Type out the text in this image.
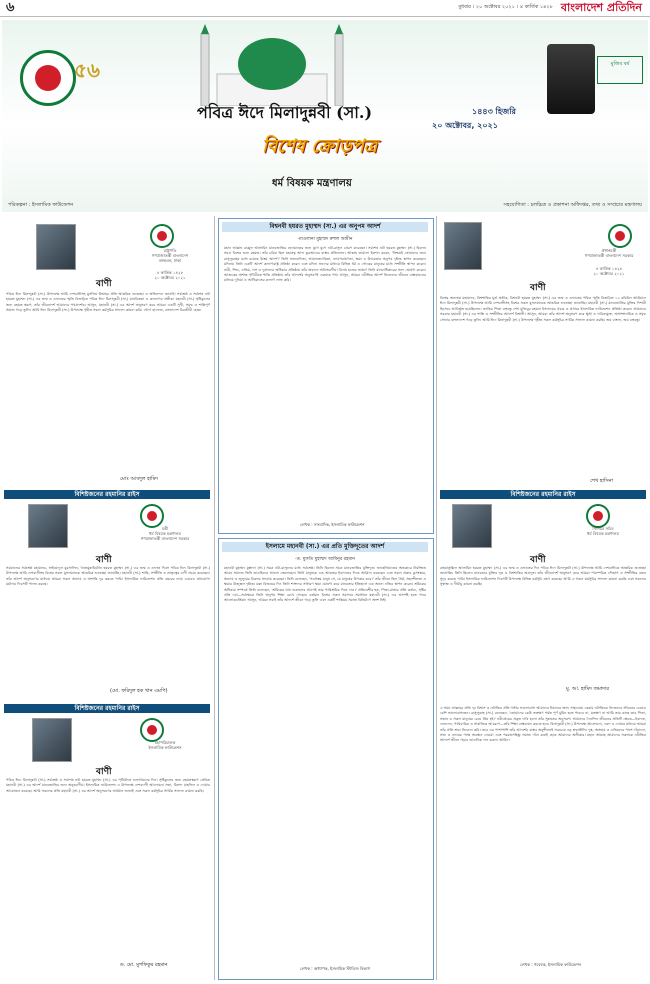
৬	বুধবার । ২০ অক্টোবর ২০২১ । ৪ কার্তিক ১৪২৮ বাংলাদেশ প্রতিদিন
৫৬
পবিত্র ঈদে মিলাদুন্নবী (সা.)	১৪৪৩ হিজরি
২০ অক্টোবর, ২০২১
বিশেষ ক্রোড়পত্র
ধর্ম বিষয়ক মন্ত্রণালয়
পরিকল্পনা : ইসলামিক ফাউন্ডেশন	সহযোগিতা : চলচ্চিত্র ও প্রকাশনা অধিদপ্তর, তথ্য ও সম্প্রচার মন্ত্রণালয়
মুজিব বর্ষ
রাষ্ট্রপতি
গণপ্রজাতন্ত্রী বাংলাদেশ
বঙ্গভবন, ঢাকা
৪ কার্তিক ১৪২৮
২০ অক্টোবর ২০২১
বাণী
পবিত্র ঈদে মিলাদুন্নবী (সা.) উপলক্ষে আমি দেশবাসীসহ মুসলিম উম্মাহর প্রতি আন্তরিক শুভেচ্ছা ও অভিনন্দন জানাই। সর্বশ্রেষ্ঠ ও সর্বশেষ নবী হযরত মুহাম্মদ (সা.) এর জন্ম ও ওফাতের স্মৃতি বিজড়িত পবিত্র ঈদে মিলাদুন্নবী (সা.) মানবিকতা ও কল্যাণের প্রতীক। মহানবী (সা.) সৃষ্টিকুলের জন্য রহমত স্বরূপ, তাঁর জীবনাদর্শ আমাদের পথপ্রদর্শক। আসুন, মহানবী (সা.) এর আদর্শ অনুসরণ করে আমরা একটি সুখী, সমৃদ্ধ ও শান্তিপূর্ণ সমাজ গড়ে তুলি। আমি ঈদে মিলাদুন্নবী (সা.) উপলক্ষে গৃহীত সকল কর্মসূচির সাফল্য কামনা করি। খোদা হাফেজ, বাংলাদেশ চিরজীবী হোক।
মোঃ আবদুল হামিদ
বিশিষ্টজনের রহমানির রাইস
মন্ত্রী
ধর্ম বিষয়ক মন্ত্রণালয়
গণপ্রজাতন্ত্রী বাংলাদেশ সরকার
বাণী
সর্বকালের সর্বশ্রেষ্ঠ মহামানব, সাইয়্যেদুল মুরসালিন, খাতামুন্নাবিয়্যীন হযরত মুহাম্মদ (সা.) এর জন্ম ও ওফাত দিবস পবিত্র ঈদে মিলাদুন্নবী (সা.) উপলক্ষে আমি দেশবাসীসহ বিশ্বের সকল মুসলমানকে আন্তরিক শুভেচ্ছা জানাচ্ছি। মহানবী (সা.) শান্তি, সম্প্রীতি ও ভ্রাতৃত্বের বাণী প্রচার করেছেন। তাঁর আদর্শ অনুসরণের মাধ্যমে আমরা সকল অন্যায় ও অশান্তি দূর করতে পারি। ইসলামিক ফাউন্ডেশন প্রতি বছরের ন্যায় এবারও যথাযোগ্য মর্যাদায় দিবসটি পালন করছে।
(মো. ফরিদুল হক খান এমপি)
বিশিষ্টজনের রহমানির রাইস
মহাপরিচালক
ইসলামিক ফাউন্ডেশন
বাণী
পবিত্র ঈদে মিলাদুন্নবী (সা.) সর্বশ্রেষ্ঠ ও সর্বশেষ নবী হযরত মুহাম্মদ (সা.) এর পৃথিবীতে শুভাগমনের দিন। সৃষ্টিকুলের জন্য রহমতস্বরূপ প্রেরিত মহানবী (সা.) এর আদর্শ মানবজাতির জন্য অনুকরণীয়। ইসলামিক ফাউন্ডেশন এ উপলক্ষে দেশব্যাপী আলোচনা সভা, মিলাদ মাহফিল ও দোয়ার আয়োজন করেছে। আমি সকলের প্রতি মহানবী (সা.) এর আদর্শ অনুসরণের আহ্বান জানাই এবং সকল কর্মসূচির সার্বিক সাফল্য কামনা করছি।
ড. মো. মুশফিকুর রহমান
বিশ্বনবী হযরত মুহাম্মদ (সা.) এর অনুপম আদর্শ
-মাওলানা মুহাম্মদ রুহুল আমীন
মহান আল্লাহ রাব্বুল আলামিন মানবজাতির হেদায়াতের জন্য যুগে যুগে নবী-রাসুল প্রেরণ করেছেন। সর্বশেষ নবী হযরত মুহাম্মদ (সা.) ছিলেন সমগ্র বিশ্বের জন্য রহমত। তাঁর চরিত্র ছিল মহাগ্রন্থ আল কুরআনের বাস্তব প্রতিফলন। আল্লাহ তায়ালা ইরশাদ করেন, 'নিশ্চয়ই তোমাদের জন্য রাসুলুল্লাহর মধ্যে রয়েছে উত্তম আদর্শ।' তিনি সত্যবাদিতা, আমানতদারিতা, ন্যায়পরায়ণতা, ক্ষমা ও উদারতার অনুপম দৃষ্টান্ত স্থাপন করেছেন। মদিনায় তিনি একটি আদর্শ কল্যাণরাষ্ট্র প্রতিষ্ঠা করেন এবং মদিনা সনদের মাধ্যমে বিভিন্ন ধর্ম ও গোত্রের মানুষের মধ্যে সম্প্রীতি স্থাপন করেন। নারী, শিশু, এতিম, দাস ও দুর্বলদের অধিকার প্রতিষ্ঠায় তাঁর অবদান অবিস্মরণীয়। বিদায় হজের ভাষণে তিনি মানবাধিকারের সনদ ঘোষণা করেন। আজকের অশান্ত পৃথিবীতে শান্তি প্রতিষ্ঠায় তাঁর আদর্শের অনুসরণই একমাত্র পথ। আসুন, আমরা নবীজির আদর্শ নিজেদের জীবনে বাস্তবায়নের মাধ্যমে দুনিয়া ও আখিরাতের কল্যাণ লাভ করি।
লেখক : সাংবাদিক, ইসলামিক ফাউন্ডেশন
ইসলামে মহানবী (সা.) এর প্রতি মুক্তিদূতের আদর্শ
-ড. মুফতি মুহাম্মদ আমিনুর রহমান
মহানবী মুহাম্মদ মুস্তাফা (সা.) সমগ্র নবী-রাসুলের মধ্যে সর্বশ্রেষ্ঠ। তিনি ছিলেন সমগ্র মানবজাতির মুক্তিদূত। জাহেলিয়াতের অন্ধকারে নিমজ্জিত আরব সমাজে তিনি তাওহিদের আলো জ্বেলেছেন। তিনি মানুষকে এক আল্লাহর ইবাদতের দিকে আহ্বান করেছেন এবং সকল প্রকার কুসংস্কার, অন্যায় ও জুলুমের বিরুদ্ধে সংগ্রাম করেছেন। তিনি বলেছেন, 'সর্বোত্তম মানুষ সে, যে মানুষের উপকার করে।' তাঁর জীবন ছিল ধৈর্য, সহনশীলতা ও ক্ষমার উজ্জ্বল দৃষ্টান্ত। মক্কা বিজয়ের দিন তিনি শত্রুদের সাধারণ ক্ষমা ঘোষণা করে মানবতার ইতিহাসে এক অনন্য নজির স্থাপন করেন। শ্রমিকের অধিকার সম্পর্কে তিনি বলেছেন, 'শ্রমিকের ঘাম শুকানোর আগেই তার পারিশ্রমিক দিয়ে দাও।' প্রতিবেশীর হক, পিতা-মাতার প্রতি কর্তব্য, সৃষ্টির প্রতি দয়া—সর্বক্ষেত্রে তিনি অনুপম শিক্ষা রেখে গেছেন। বর্তমান বিশ্বের সকল সমস্যার সমাধানে মহানবী (সা.) এর আদর্শই হতে পারে আলোকবর্তিকা। আসুন, আমরা সবাই তাঁর আদর্শে জীবন গড়ে তুলি এবং একটি শান্তিময় সমাজ বিনির্মাণে অংশ নিই।
লেখক : অধ্যাপক, ইসলামিক স্টাডিজ বিভাগ
প্রধানমন্ত্রী
গণপ্রজাতন্ত্রী বাংলাদেশ সরকার
৪ কার্তিক ১৪২৮
২০ অক্টোবর ২০২১
বাণী
বিশ্বের অন্যতম মহামানব, বিশ্বশান্তির মূর্ত প্রতীক, বিশ্বনবী হযরত মুহাম্মদ (সা.) এর জন্ম ও ওফাতের পবিত্র স্মৃতি বিজড়িত ১২ রবিউল আউয়াল ঈদে মিলাদুন্নবী (সা.) উপলক্ষে আমি দেশবাসীসহ বিশ্বের সকল মুসলমানকে আন্তরিক শুভেচ্ছা জানাচ্ছি। মহানবী (সা.) মানবজাতির মুক্তির দিশারী হিসেবে আবির্ভূত হয়েছিলেন। জাতির পিতা বঙ্গবন্ধু শেখ মুজিবুর রহমান ইসলামের প্রচার ও প্রসারে ইসলামিক ফাউন্ডেশন প্রতিষ্ঠা করেন। আমাদের সরকার মহানবী (সা.) এর শান্তি ও সম্প্রীতির আদর্শে বিশ্বাসী। আসুন, আমরা তাঁর আদর্শ অনুসরণ করে ক্ষুধা ও দারিদ্র্যমুক্ত, অসাম্প্রদায়িক ও সমৃদ্ধ সোনার বাংলাদেশ গড়ে তুলি। আমি ঈদে মিলাদুন্নবী (সা.) উপলক্ষে গৃহীত সকল কর্মসূচির সার্বিক সাফল্য কামনা করছি। জয় বাংলা, জয় বঙ্গবন্ধু।
শেখ হাসিনা
বিশিষ্টজনের রহমানির রাইস
সিনিয়র সচিব
ধর্ম বিষয়ক মন্ত্রণালয়
বাণী
রাহমাতুল্লিল আলামিন হযরত মুহাম্মদ (সা.) এর জন্ম ও ওফাতের দিন পবিত্র ঈদে মিলাদুন্নবী (সা.) উপলক্ষে আমি দেশবাসীকে আন্তরিক শুভেচ্ছা জানাচ্ছি। তিনি ছিলেন মানবতার মুক্তির দূত ও বিশ্বশান্তির অগ্রদূত। তাঁর জীবনাদর্শ অনুসরণ করে আমরা পারস্পরিক সৌহার্দ্য ও সম্প্রীতির বন্ধন সুদৃঢ় করতে পারি। ইসলামিক ফাউন্ডেশন দিবসটি উপলক্ষে বিভিন্ন কর্মসূচি গ্রহণ করেছে। আমি এ সকল কর্মসূচির সাফল্য কামনা করছি এবং সকলের সুস্বাস্থ্য ও দীর্ঘায়ু কামনা করছি।
মু. আ. হামিদ জমাদার
এ সময় আল্লাহর প্রতি দৃঢ় বিশ্বাস ও নবীজির প্রতি গভীর ভালোবাসা আমাদের ঈমানের অঙ্গ। সাহাবায়ে কেরাম নবীজিকে নিজেদের জীবনের চেয়েও বেশি ভালোবাসতেন। রাসুলুল্লাহ (সা.) বলেছেন, 'তোমাদের কেউ ততক্ষণ পর্যন্ত পূর্ণ মুমিন হতে পারবে না, যতক্ষণ না আমি তার কাছে তার পিতা, সন্তান ও সকল মানুষের চেয়ে প্রিয় হই।' নবীপ্রেমের প্রকৃত দাবি হলো তাঁর সুন্নাতের অনুসরণ। আমাদের দৈনন্দিন জীবনের প্রতিটি ক্ষেত্রে—ইবাদত, লেনদেন, পারিবারিক ও সামাজিক আচরণে—তাঁর শিক্ষা বাস্তবায়ন করতে হবে। মিলাদুন্নবী (সা.) উপলক্ষে আলোচনা, দরুদ ও দোয়ার মাধ্যমে আমরা তাঁর প্রতি শ্রদ্ধা নিবেদন করি। তবে এর পাশাপাশি তাঁর আদর্শের বাস্তব অনুশীলনই সবচেয়ে বড় শ্রদ্ধাঞ্জলি। দুস্থ, অসহায় ও এতিমদের পাশে দাঁড়ানো, সত্য ও ন্যায়ের পক্ষে অবস্থান নেওয়া এবং পরমতসহিষ্ণু সমাজ গঠন করাই হোক আমাদের অঙ্গীকার। মহান আল্লাহ আমাদের সকলকে নবীজির আদর্শে জীবন গড়ার তাওফিক দান করুন। আমিন।
লেখক : গবেষক, ইসলামিক ফাউন্ডেশন
